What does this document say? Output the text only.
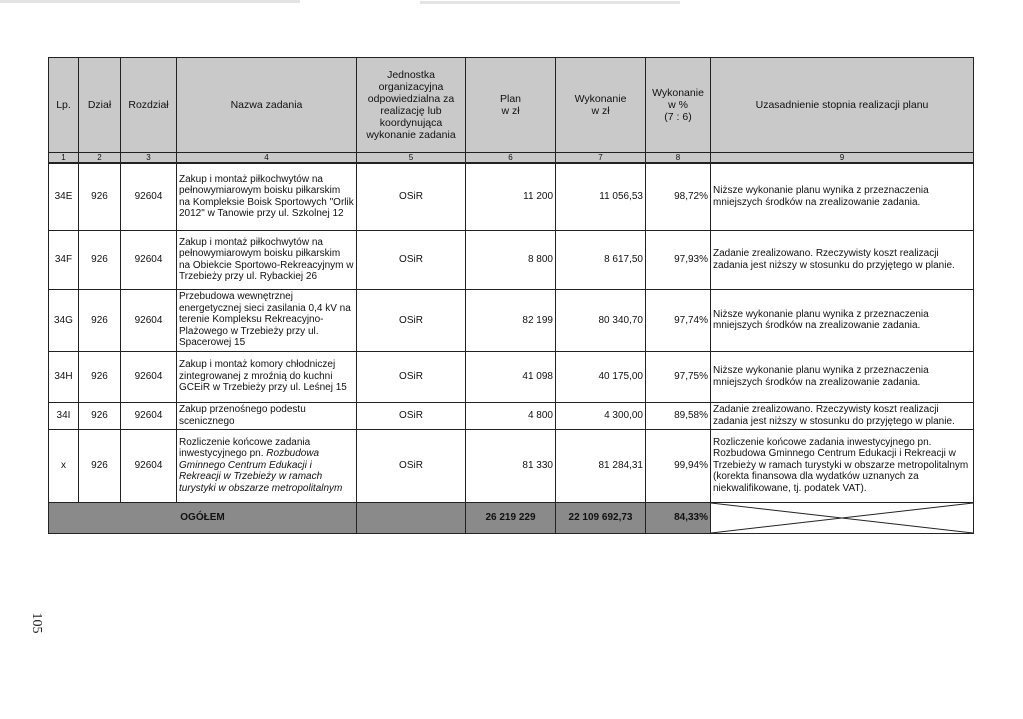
Lp.	Dział	Rozdział	Nazwa zadania	Jednostka organizacyjna odpowiedzialna za realizację lub koordynująca wykonanie zadania	Plan
w zł	Wykonanie
w zł	Wykonanie
w %
(7 : 6)	Uzasadnienie stopnia realizacji planu
1	2	3	4	5	6	7	8	9
34E	926	92604	Zakup i montaż piłkochwytów na pełnowymiarowym boisku piłkarskim na Kompleksie Boisk Sportowych "Orlik 2012" w Tanowie przy ul. Szkolnej 12	OSiR	11 200	11 056,53	98,72%	Niższe wykonanie planu wynika z przeznaczenia mniejszych środków na zrealizowanie zadania.
34F	926	92604	Zakup i montaż piłkochwytów na pełnowymiarowym boisku piłkarskim na Obiekcie Sportowo-Rekreacyjnym w Trzebieży przy ul. Rybackiej 26	OSiR	8 800	8 617,50	97,93%	Zadanie zrealizowano. Rzeczywisty koszt realizacji zadania jest niższy w stosunku do przyjętego w planie.
34G	926	92604	Przebudowa wewnętrznej energetycznej sieci zasilania 0,4 kV na terenie Kompleksu Rekreacyjno-Plażowego w Trzebieży przy ul. Spacerowej 15	OSiR	82 199	80 340,70	97,74%	Niższe wykonanie planu wynika z przeznaczenia mniejszych środków na zrealizowanie zadania.
34H	926	92604	Zakup i montaż komory chłodniczej zintegrowanej z mroźnią do kuchni GCEiR w Trzebieży przy ul. Leśnej 15	OSiR	41 098	40 175,00	97,75%	Niższe wykonanie planu wynika z przeznaczenia mniejszych środków na zrealizowanie zadania.
34I	926	92604	Zakup przenośnego podestu scenicznego	OSiR	4 800	4 300,00	89,58%	Zadanie zrealizowano. Rzeczywisty koszt realizacji zadania jest niższy w stosunku do przyjętego w planie.
x	926	92604	Rozliczenie końcowe zadania inwestycyjnego pn. Rozbudowa Gminnego Centrum Edukacji i Rekreacji w Trzebieży w ramach turystyki w obszarze metropolitalnym	OSiR	81 330	81 284,31	99,94%	Rozliczenie końcowe zadania inwestycyjnego pn. Rozbudowa Gminnego Centrum Edukacji i Rekreacji w Trzebieży w ramach turystyki w obszarze metropolitalnym (korekta finansowa dla wydatków uznanych za niekwalifikowane, tj. podatek VAT).
OGÓŁEM					26 219 229	22 109 692,73	84,33%	
105
